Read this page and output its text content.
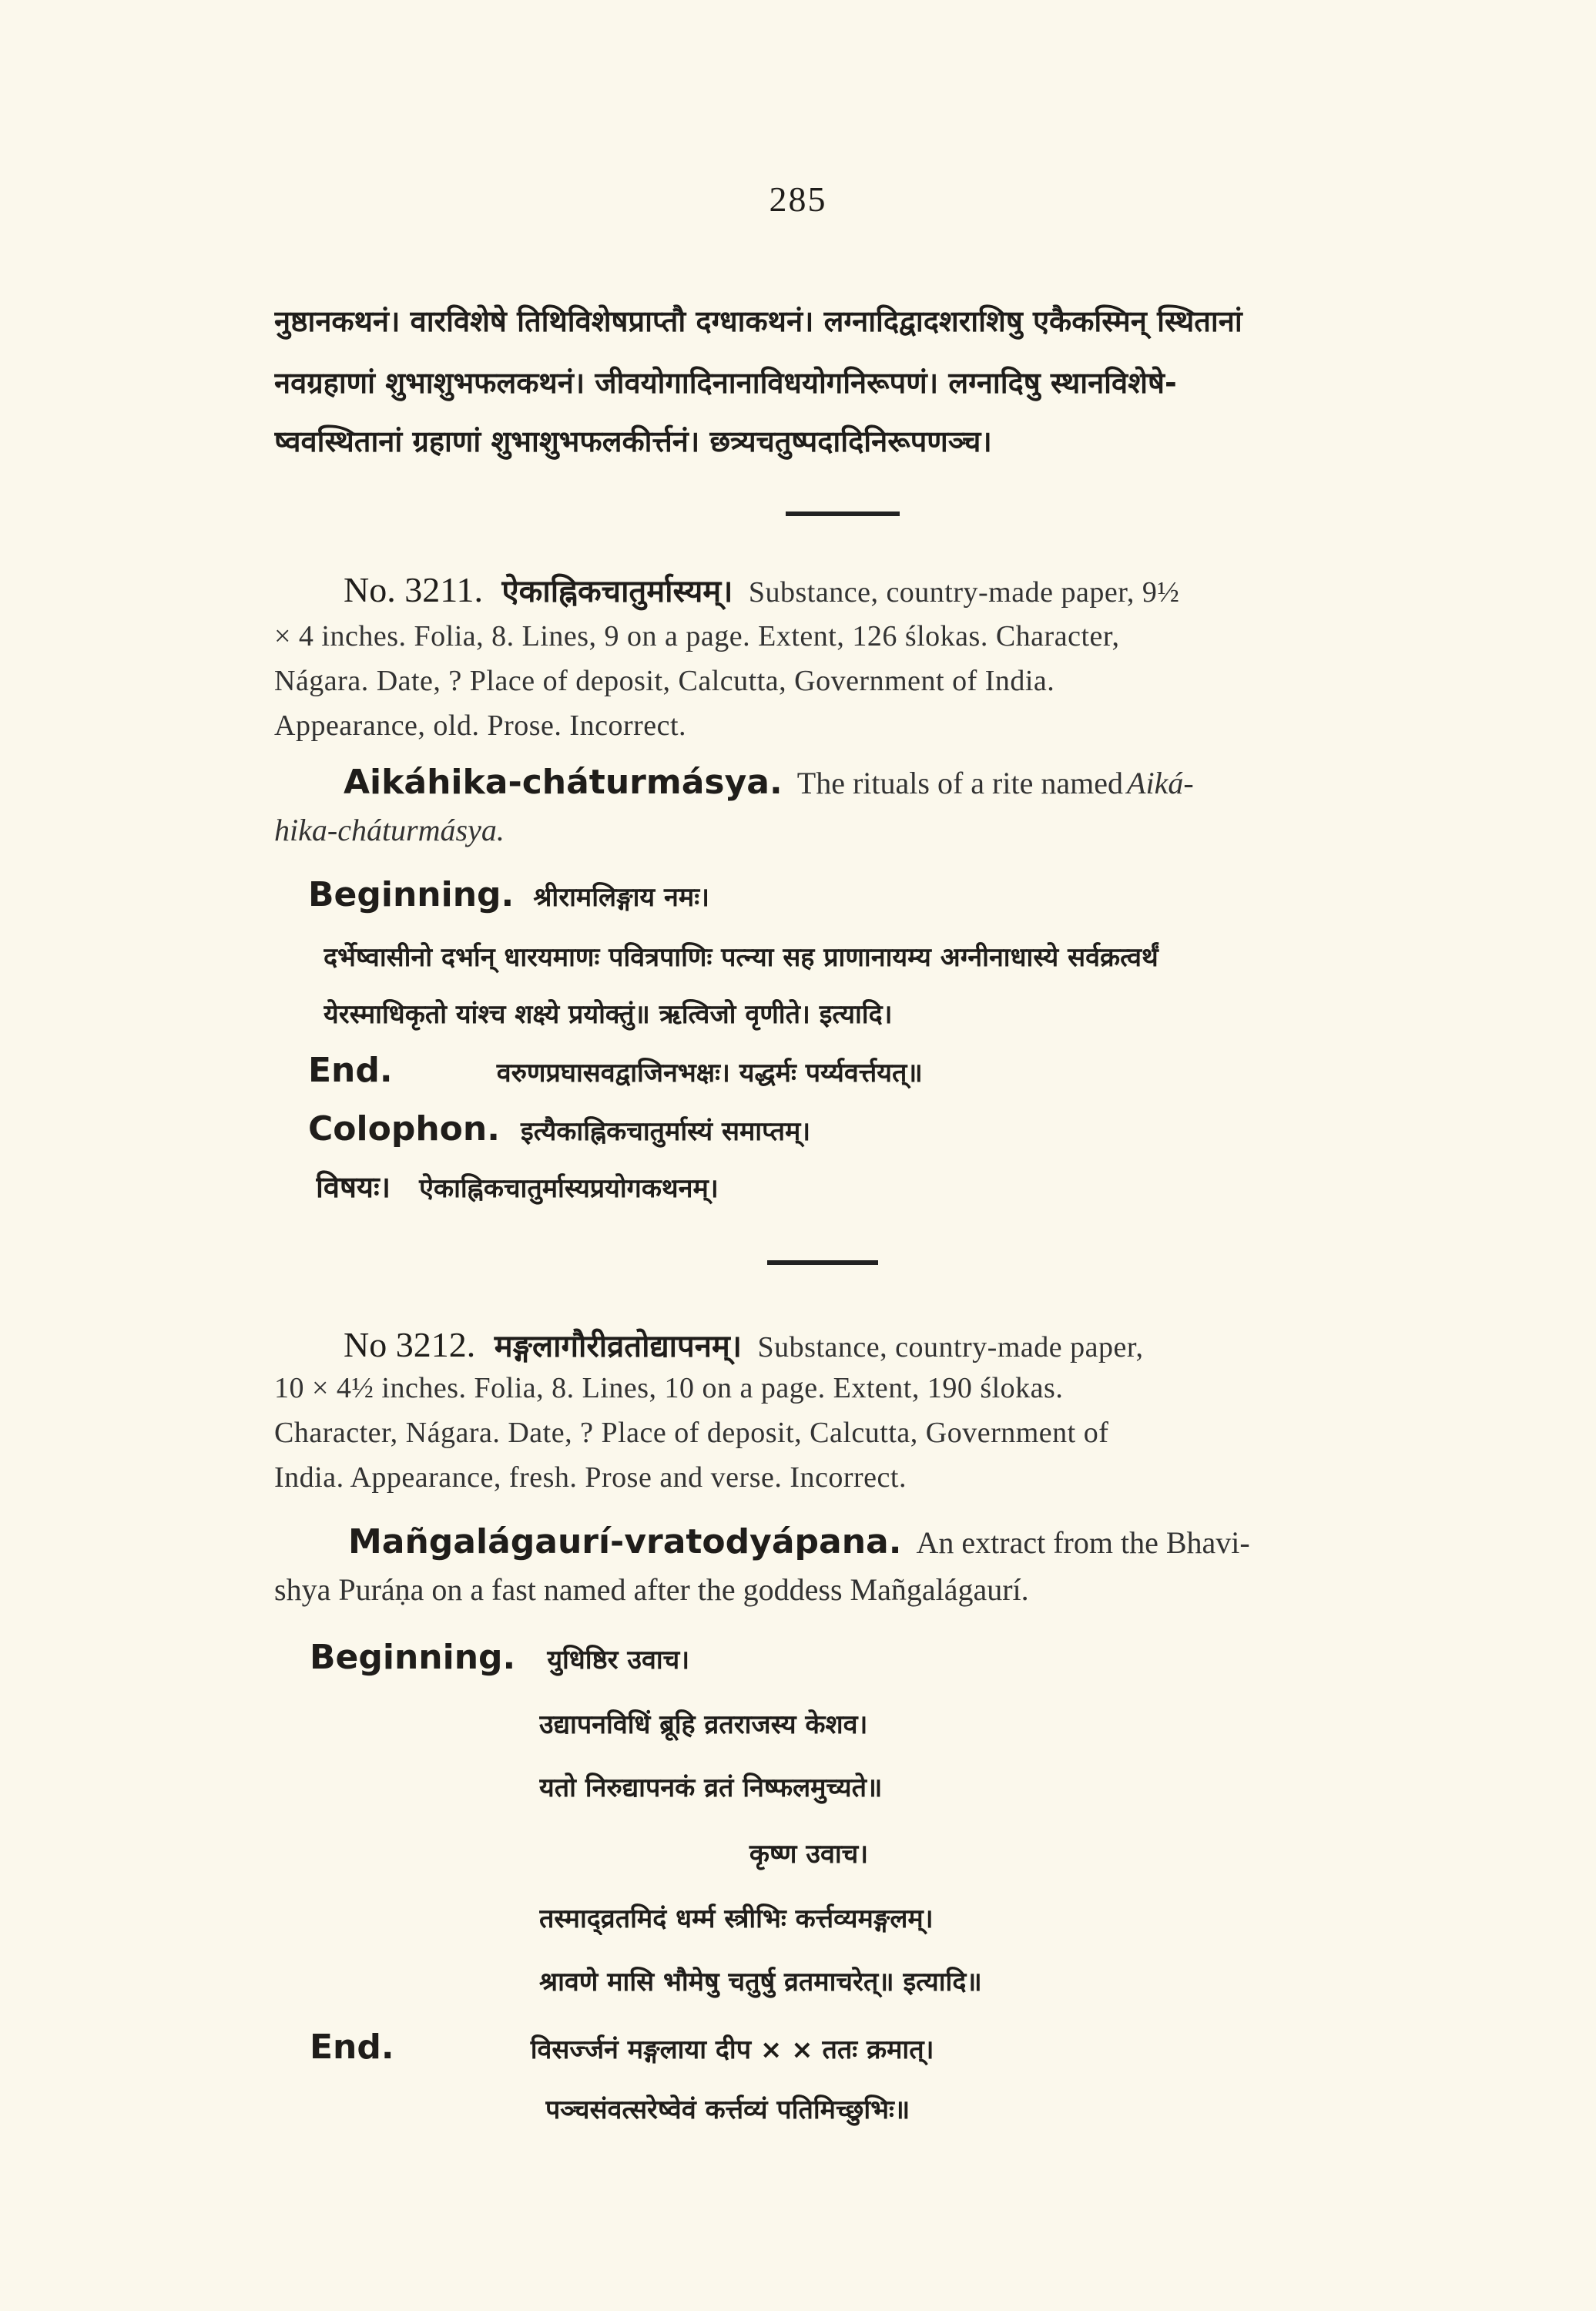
285
नुष्ठानकथनं। वारविशेषे तिथिविशेषप्राप्तौ दग्धाकथनं। लग्नादिद्वादशराशिषु एकैकस्मिन् स्थितानां
नवग्रहाणां शुभाशुभफलकथनं। जीवयोगादिनानाविधयोगनिरूपणं। लग्नादिषु स्थानविशेषे-
ष्ववस्थितानां ग्रहाणां शुभाशुभफलकीर्त्तनं। छत्र्यचतुष्पदादिनिरूपणञ्च।
No. 3211. ऐकाह्निकचातुर्मास्यम्। Substance, country-made paper, 9½
× 4 inches. Folia, 8. Lines, 9 on a page. Extent, 126 ślokas. Character,
Nágara. Date, ? Place of deposit, Calcutta, Government of India.
Appearance, old. Prose. Incorrect.
Aikáhika-cháturmásya. The rituals of a rite named Aiká-
hika-cháturmásya.
Beginning. श्रीरामलिङ्गाय नमः।
दर्भेष्वासीनो दर्भान् धारयमाणः पवित्रपाणिः पत्न्या सह प्राणानायम्य अग्नीनाधास्ये सर्वक्रत्वर्थं
येरस्माधिकृतो यांश्च शक्ष्ये प्रयोक्तुं॥ ऋत्विजो वृणीते। इत्यादि।
End.	वरुणप्रघासवद्वाजिनभक्षः। यद्धर्मः पर्य्यवर्त्तयत्॥
Colophon. इत्यैकाह्निकचातुर्मास्यं समाप्तम्।
विषयः। ऐकाह्निकचातुर्मास्यप्रयोगकथनम्।
No 3212. मङ्गलागौरीव्रतोद्यापनम्। Substance, country-made paper,
10 × 4½ inches. Folia, 8. Lines, 10 on a page. Extent, 190 ślokas.
Character, Nágara. Date, ? Place of deposit, Calcutta, Government of
India. Appearance, fresh. Prose and verse. Incorrect.
Mañgalágaurí-vratodyápana. An extract from the Bhavi-
shya Puráṇa on a fast named after the goddess Mañgalágaurí.
Beginning. युधिष्ठिर उवाच।
उद्यापनविधिं ब्रूहि व्रतराजस्य केशव।
यतो निरुद्यापनकं व्रतं निष्फलमुच्यते॥
कृष्ण उवाच।
तस्माद्व्रतमिदं धर्म्म स्त्रीभिः कर्त्तव्यमङ्गलम्।
श्रावणे मासि भौमेषु चतुर्षु व्रतमाचरेत्॥ इत्यादि॥
End.	विसर्ज्जनं मङ्गलाया दीप × × ततः क्रमात्।
पञ्चसंवत्सरेष्वेवं कर्त्तव्यं पतिमिच्छुभिः॥
